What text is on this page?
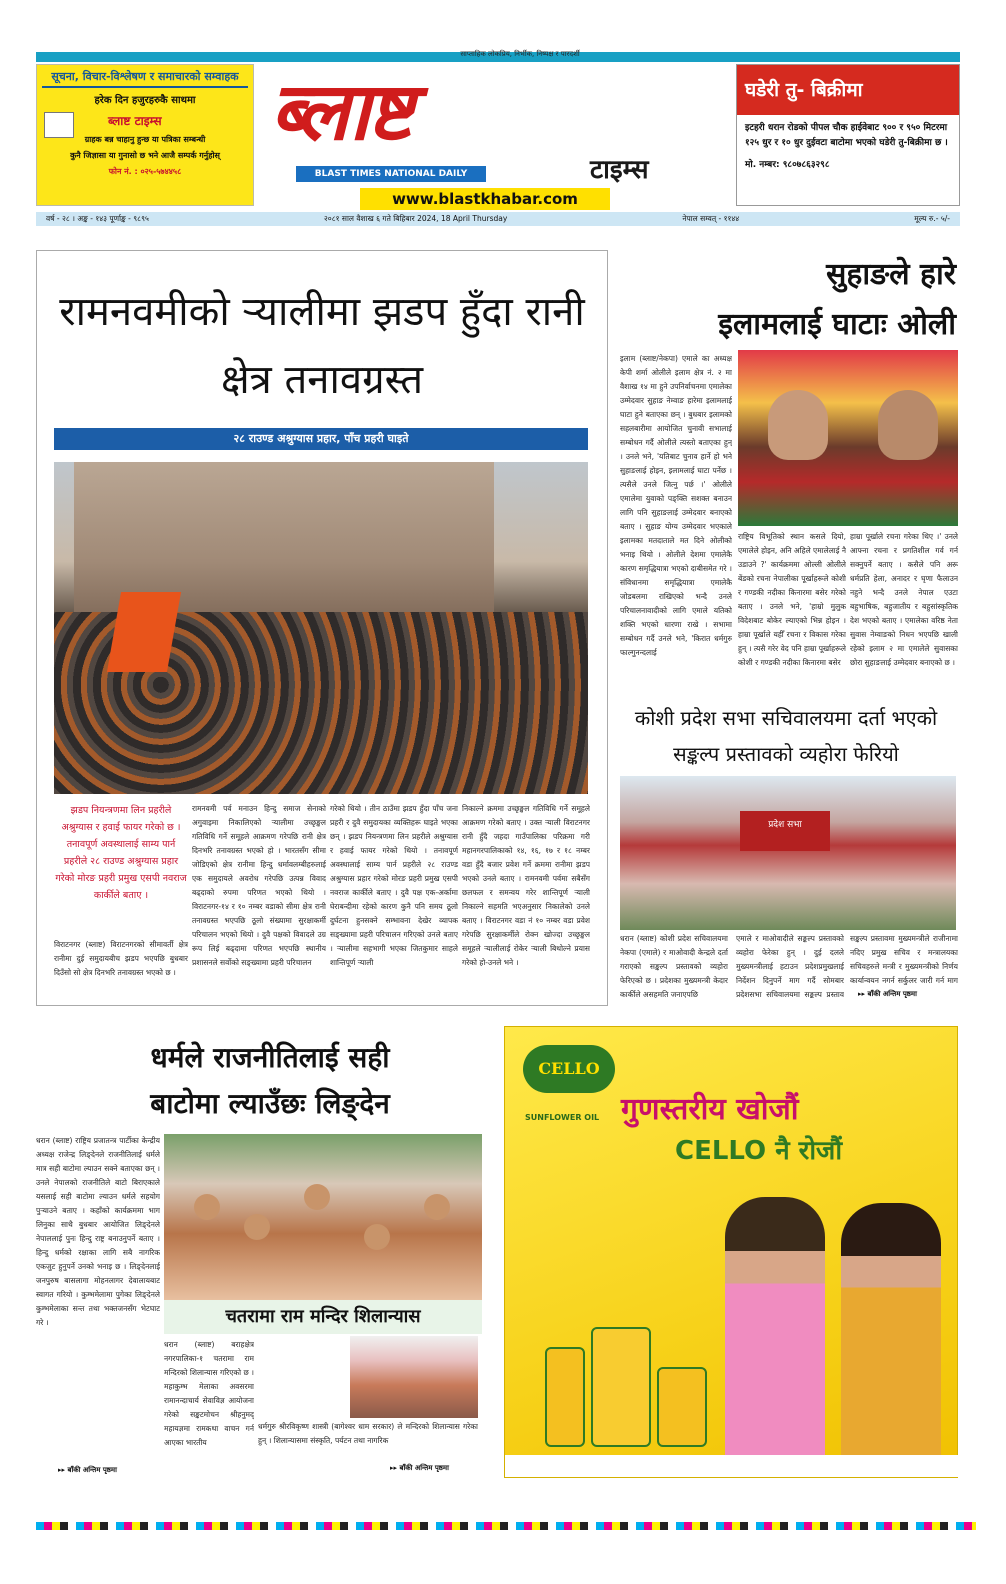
साप्ताहिक लोकप्रिय, निर्भीक, निष्पक्ष र पारदर्शी
सूचना, विचार-विश्लेषण र समाचारको सम्वाहक
हरेक दिन हजुरहरुकै साथमा
ब्लाष्ट टाइम्स
ग्राहक बन्न चाहानु हुन्छ या पत्रिका सम्बन्धी
कुनै जिज्ञासा या गुनासो छ भने आजै सम्पर्क गर्नुहोस्
फोन नं. : ०२५-५७४४५८
ब्लाष्ट
टाइम्स
BLAST TIMES NATIONAL DAILY
www.blastkhabar.com
घडेरी तु- बिक्रीमा
इटहरी धरान रोडको पीपल चौक हाईवेबाट ९०० र ९५० मिटरमा १२५ धुर र १० धुर दुईवटा बाटोमा भएको घडेरी तु-बिक्रीमा छ ।
मो. नम्बर: ९८०७८६३२९८
वर्ष - २८ । अङ्क - १४३ पूर्णाङ्क - ९८९५	२०८१ साल वैशाख ६ गते बिहिबार 2024, 18 April Thursday	नेपाल सम्वत् - ११४४	मूल्य रु.- ५/-
रामनवमीको र्‍यालीमा झडप हुँदा रानी क्षेत्र तनावग्रस्त
२८ राउण्ड अश्रुग्यास प्रहार, पाँच प्रहरी घाइते
झडप नियन्त्रणमा लिन प्रहरीले अश्रुग्यास र हवाई फायर गरेको छ । तनावपूर्ण अवस्थालाई साम्य पार्न प्रहरीले २८ राउण्ड अश्रुग्यास प्रहार गरेको मोरङ प्रहरी प्रमुख एसपी नवराज कार्कीले बताए ।
विराटनगर (ब्लाष्ट) विराटनगरको सीमावर्ती क्षेत्र रानीमा दुई समुदायबीच झडप भएपछि बुधबार दिउँसो सो क्षेत्र दिनभरि तनावग्रस्त भएको छ ।
रामनवमी पर्व मनाउन हिन्दु समाज सेनाको अगुवाइमा निकालिएको र्‍यालीमा उच्छृङ्खल गतिविधि गर्ने समूहले आक्रमण गरेपछि रानी क्षेत्र दिनभरि तनावग्रस्त भएको हो । भारतसँग सीमा जोडिएको क्षेत्र रानीमा हिन्दु धर्मावलम्बीहरुलाई एक समुदायले अवरोध गरेपछि उत्पन्न विवाद बढ्दाको रुपमा परिणत भएको थियो । विराटनगर-१४ र १० नम्बर वडाको सीमा क्षेत्र रानी तनावग्रस्त भएपछि ठूलो संख्यामा सुरक्षाकर्मी परिचालन भएको थियो । दुवै पक्षको विवादले उग्र रूप लिई बढ्दामा परिणत भएपछि स्थानीय प्रशासनले सर्वोको सङ्ख्यामा प्रहरी परिचालन
गरेको थियो । तीन ठाउँमा झडप हुँदा पाँच जना प्रहरी र दुवै समुदायका व्यक्तिहरू घाइते भएका छन् । झडप नियन्त्रणमा लिन प्रहरीले अश्रुग्यास र हवाई फायर गरेको थियो । तनावपूर्ण अवस्थालाई साम्य पार्न प्रहरीले २८ राउण्ड अश्रुग्यास प्रहार गरेको मोरङ प्रहरी प्रमुख एसपी नवराज कार्कीले बताए । दुवै पक्ष एक-अर्कामा घेराबन्दीमा रहेको कारण कुनै पनि समय ठूलो दुर्घटना हुनसक्ने सम्भावना देखेर व्यापक सङ्ख्यामा प्रहरी परिचालन गरिएको उनले बताए । र्‍यालीमा सहभागी भएका जितकुमार साहले शान्तिपूर्ण र्‍याली
निकाल्ने क्रममा उच्छृङ्खल गतिविधि गर्ने समूहले आक्रमण गरेको बताए । उक्त र्‍याली विराटनगर रानी हुँदै जहदा गाउँपालिका परिक्रमा गरी महानगरपालिकाको १४, १६, १७ र १८ नम्बर वडा हुँदै बजार प्रवेश गर्ने क्रममा रानीमा झडप भएको उनले बताए । रामनवमी पर्वमा सबैसँग छलफल र समन्वय गरेर शान्तिपूर्ण र्‍याली निकाल्ने सहमति भएअनुसार निकालेको उनले बताए । विराटनगर वडा नं १० नम्बर वडा प्रवेश गरेपछि सुरक्षाकर्मीले रोक्न खोज्दा उच्छृङ्खल समूहले र्‍यालीलाई रोकेर र्‍याली बिथोल्ने प्रयास गरेको हो-उनले भने ।
सुहाङले हारे
इलामलाई घाटाः ओली
इलाम (ब्लाष्ट/नेकपा) एमाले का अध्यक्ष केपी शर्मा ओलीले इलाम क्षेत्र नं. २ मा वैशाख १४ मा हुने उपनिर्वाचनमा एमालेका उम्मेदवार सुहाङ नेम्वाङ हारेमा इलामलाई घाटा हुने बताएका छन् । बुधबार इलामको सहलबारीमा आयोजित चुनावी सभालाई सम्बोधन गर्दै ओलीले त्यस्तो बताएका हुन् । उनले भने, 'यतिबाट चुनाव हार्ने हो भने सुहाङलाई होइन, इलामलाई घाटा पर्नेछ । त्यसैले उनले जित्नु पर्छ ।' ओलीले एमालेमा युवाको पङ्क्ति सशक्त बनाउन लागि पनि सुहाङलाई उम्मेदवार बनाएको बताए । सुहाङ योग्य उम्मेदवार भएकाले इलामका मतदाताले मत दिने ओलीको भनाइ थियो । ओलीले देशमा एमालेकै कारण समृद्धियात्रा भएको दाबीसमेत गरे । संविधानमा समृद्धियात्रा एमालेकै जोडबलमा राखिएको भन्दै उनले परिचालनावादीको लागि एमाले यतिको शक्ति भएको धारणा राखे । सभामा सम्बोधन गर्दै उनले भने, 'किरात धर्मगुरु फाल्गुनन्दलाई
राष्ट्रिय विभूतिको स्थान कसले दियो, एमालेले होइन, अनि अहिले एमालेलाई नै उडाउने ?' कार्यक्रममा ओल्ली ओलीले बेंडको रचना नेपालीका पूर्खाहरूले कोशी र गण्डकी नदीका किनारमा बसेर गरेको बताए । उनले भने, 'हाम्रो मुलुक विदेशबाट बोकेर ल्याएको भिन्न होइन । हाम्रा पूर्खाले यहीँ रचना र विकास गरेका हुन् । त्यसै गरेर वेद पनि हाम्रा पूर्खाहरूले कोशी र गण्डकी नदीका किनारमा बसेर
हाम्रा पूर्खाले रचना गरेका थिए ।' उनले आफ्ना रचना र प्रगतिशील गर्व गर्न सक्नुपर्ने बताए । कसैले पनि अरू धर्मप्रति हेला, अनादर र घृणा फैलाउन नहुने भन्दै उनले नेपाल एउटा बहुभाषिक, बहुजातीय र बहुसांस्कृतिक देश भएको बताए । एमालेका वरिष्ठ नेता सुवास नेम्वाङको निधन भएपछि खाली रहेको इलाम २ मा एमालेले सुवासका छोरा सुहाङलाई उम्मेदवार बनाएको छ ।
कोशी प्रदेश सभा सचिवालयमा दर्ता भएको सङ्कल्प प्रस्तावको व्यहोरा फेरियो
प्रदेश सभा
धरान (ब्लाष्ट) कोशी प्रदेश सचिवालयमा नेकपा (एमाले) र माओवादी केन्द्रले दर्ता गराएको सङ्कल्प प्रस्तावको व्यहोरा फेरिएको छ । प्रदेशका मुख्यमन्त्री केदार कार्कीले असहमति जनाएपछि
एमाले र माओवादीले सङ्कल्प प्रस्तावको व्यहोरा फेरेका हुन् । दुई दलले मुख्यमन्त्रीलाई हटाउन प्रदेशप्रमुखलाई निर्देशन दिनुपर्ने माग गर्दै सोमबार प्रदेशसभा सचिवालयमा सङ्कल्प प्रस्ताव
सङ्कल्प प्रस्तावमा मुख्यमन्त्रीले राजीनामा नदिए प्रमुख सचिव र मन्त्रालयका सचिवहरुले मन्त्री र मुख्यमन्त्रीको निर्णय कार्यान्वयन नगर्न सर्कुलर जारी गर्न माग
▸▸ बाँकी अन्तिम पृष्ठमा
धर्मले राजनीतिलाई सही
बाटोमा ल्याउँछः लिङ्देन
धरान (ब्लाष्ट) राष्ट्रिय प्रजातन्त्र पार्टीका केन्द्रीय अध्यक्ष राजेन्द्र लिङ्देनले राजनीतिलाई धर्मले मात्र सही बाटोमा ल्याउन सक्ने बताएका छन् । उनले नेपालको राजनीतिले बाटो बिराएकाले यसलाई सही बाटोमा ल्याउन धर्मले सहयोग पुर्‍याउने बताए । कहाँको कार्यक्रममा भाग लिनुका साथै बुधबार आयोजित लिङ्देनले नेपाललाई पुनः हिन्दु राष्ट्र बनाउनुपर्ने बताए । हिन्दु धर्मको रक्षाका लागि सबै नागरिक एकजुट हुनुपर्ने उनको भनाइ छ । लिङ्देनलाई जनपुरुष बासलागा मोहनलागर देवालायबाट स्वागत गरियो । कुम्भमेलामा पुगेका लिङ्देनले कुम्भमेलाका सन्त तथा भक्तजनसँग भेटघाट गरे ।
▸▸ बाँकी अन्तिम पृष्ठमा
चतरामा राम मन्दिर शिलान्यास
धरान (ब्लाष्ट) बराहक्षेत्र नगरपालिका-१ चतरामा राम मन्दिरको शिलान्यास गरिएको छ । महाकुम्भ मेलाका अवसरमा रामानन्दाचार्य सेवाविज्ञ आयोजना गरेको सङ्कटमोचन श्रीहनुमद् महायज्ञमा रामकथा वाचन गर्न आएका भारतीय
धर्मगुरु श्रीरविकृष्ण शास्त्री (बागेश्वर धाम सरकार) ले मन्दिरको शिलान्यास गरेका हुन् । शिलान्यासमा संस्कृति, पर्यटन तथा नागरिक
▸▸ बाँकी अन्तिम पृष्ठमा
CELLO
SUNFLOWER OIL गुणस्तरीय खोजौं
CELLO नै रोजौं
